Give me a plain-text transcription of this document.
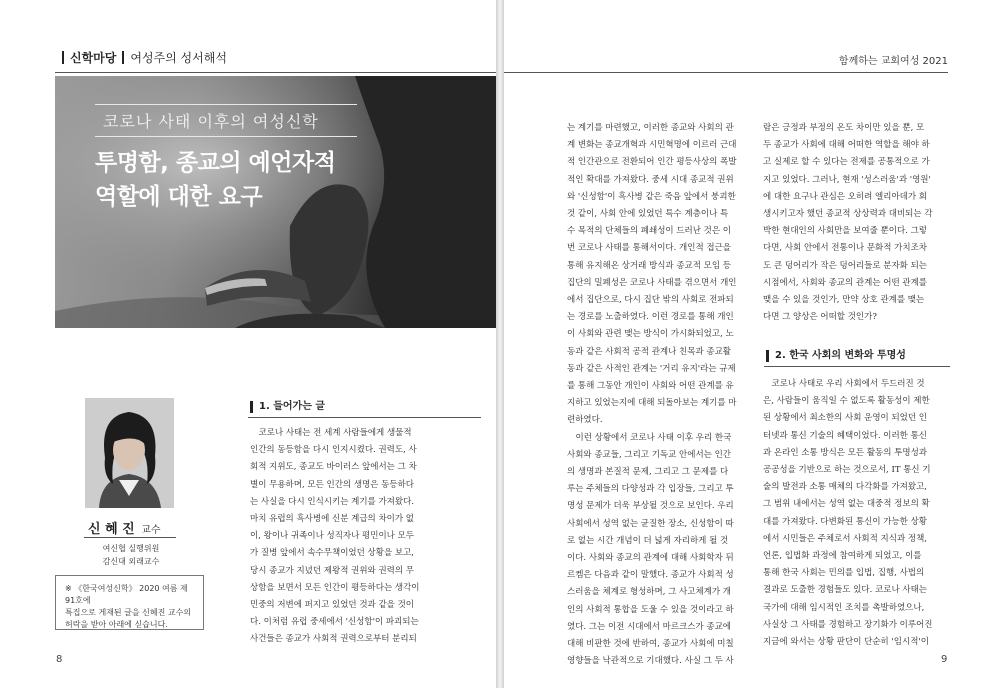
신학마당 여성주의 성서해석
코로나 사태 이후의 여성신학
투명함, 종교의 예언자적
역할에 대한 요구
신 혜 진 교수
여신협 실행위원
감신대 외래교수
※ 《한국여성신학》 2020 여름 제91호에
특집으로 게재된 글을 신혜진 교수의
허락을 받아 아래에 싣습니다.
1. 들어가는 글

　코로나 사태는 전 세계 사람들에게 생물적

인간의 동등함을 다시 인지시켰다. 권력도, 사

회적 지위도, 종교도 바이러스 앞에서는 그 차

별이 무용하며, 모든 인간의 생명은 동등하다

는 사실을 다시 인식시키는 계기를 가져왔다.

마치 유럽의 흑사병에 신분 계급의 차이가 없

이, 왕이나 귀족이나 성직자나 평민이나 모두

가 질병 앞에서 속수무책이었던 상황을 보고,

당시 종교가 지녔던 제왕적 권위와 권력의 무

상함을 보면서 모든 인간이 평등하다는 생각이

민중의 저변에 퍼지고 있었던 것과 같을 것이

다. 이처럼 유럽 중세에서 '신성함'이 파괴되는

사건들은 종교가 사회적 권력으로부터 분리되

8
함께하는 교회여성 2021

는 계기를 마련했고, 이러한 종교와 사회의 관

계 변화는 종교개혁과 시민혁명에 이르러 근대

적 인간관으로 전환되어 인간 평등사상의 폭발

적인 확대를 가져왔다. 중세 시대 종교적 권위

와 '신성함'이 흑사병 같은 죽음 앞에서 붕괴한

것 같이, 사회 안에 있었던 특수 계층이나 특

수 목적의 단체들의 폐쇄성이 드러난 것은 이

번 코로나 사태를 통해서이다. 개인적 접근을

통해 유지해온 상거래 방식과 종교적 모임 등

집단의 밀폐성은 코로나 사태를 겪으면서 개인

에서 집단으로, 다시 집단 밖의 사회로 전파되

는 경로를 노출하였다. 이런 경로를 통해 개인

이 사회와 관련 맺는 방식이 가시화되었고, 노

동과 같은 사회적 공적 관계나 친목과 종교활

동과 같은 사적인 관계는 '거리 유지'라는 규제

를 통해 그동안 개인이 사회와 어떤 관계를 유

지하고 있었는지에 대해 되돌아보는 계기를 마

련하였다.

　이런 상황에서 코로나 사태 이후 우리 한국

사회와 종교들, 그리고 기독교 안에서는 인간

의 생명과 본질적 문제, 그리고 그 문제를 다

루는 주체들의 다양성과 각 입장들, 그리고 투

명성 문제가 더욱 부상될 것으로 보인다. 우리

사회에서 성역 없는 균질한 장소, 신성함이 따

로 없는 시간 개념이 더 넓게 자리하게 될 것

이다. 사회와 종교의 관계에 대해 사회학자 뒤

르켐은 다음과 같이 말했다. 종교가 사회적 성

스러움을 체계로 형성하며, 그 사고체계가 개

인의 사회적 통합을 도울 수 있을 것이라고 하

였다. 그는 이전 시대에서 마르크스가 종교에

대해 비판한 것에 반하여, 종교가 사회에 미칠

영향들을 낙관적으로 기대했다. 사실 그 두 사

람은 긍정과 부정의 온도 차이만 있을 뿐, 모

두 종교가 사회에 대해 어떠한 역할을 해야 하

고 실제로 할 수 있다는 전제를 공통적으로 가

지고 있었다. 그러나, 현재 '성스러움'과 '영원'

에 대한 요구나 관심은 오히려 엘리아데가 회

생시키고자 했던 종교적 상상력과 대비되는 각

박한 현대인의 사회만을 보여줄 뿐이다. 그렇

다면, 사회 안에서 전통이나 문화적 가치조차

도 큰 덩어리가 작은 덩어리들로 분자화 되는

시점에서, 사회와 종교의 관계는 어떤 관계를

맺을 수 있을 것인가, 만약 상호 관계를 맺는

다면 그 양상은 어떠할 것인가?

2. 한국 사회의 변화와 투명성

　코로나 사태로 우리 사회에서 두드러진 것

은, 사람들이 움직일 수 없도록 활동성이 제한

된 상황에서 최소한의 사회 운영이 되었던 인

터넷과 통신 기술의 혜택이었다. 이러한 통신

과 온라인 소통 방식은 모든 활동의 투명성과

공공성을 기반으로 하는 것으로서, IT 통신 기

술의 발전과 소통 매체의 다각화를 가져왔고,

그 범위 내에서는 성역 없는 대중적 정보의 확

대를 가져왔다. 다변화된 통신이 가능한 상황

에서 시민들은 주체로서 사회적 지식과 정책,

언론, 입법화 과정에 참여하게 되었고, 이를

통해 한국 사회는 민의를 입법, 집행, 사법의

결과로 도출한 경험들도 있다. 코로나 사태는

국가에 대해 임시적인 조치를 촉발하였으나,

사실상 그 사태를 경험하고 장기화가 이루어진

지금에 와서는 상황 판단이 단순히 '임시적'이

9
